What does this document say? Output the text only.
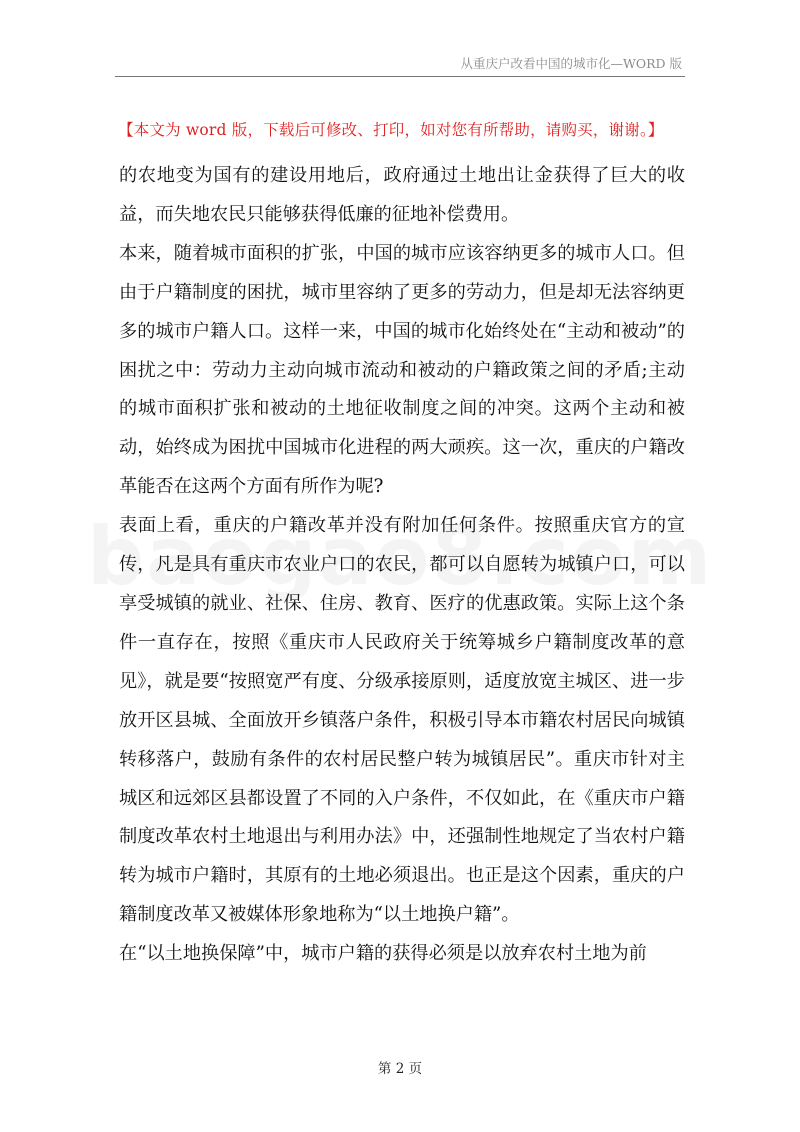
从重庆户改看中国的城市化—WORD 版
【本文为 word 版，下载后可修改、打印，如对您有所帮助，请购买，谢谢。】

的农地变为国有的建设用地后，政府通过土地出让金获得了巨大的收益，而失地农民只能够获得低廉的征地补偿费用。

本来，随着城市面积的扩张，中国的城市应该容纳更多的城市人口。但由于户籍制度的困扰，城市里容纳了更多的劳动力，但是却无法容纳更多的城市户籍人口。这样一来，中国的城市化始终处在“主动和被动”的困扰之中：劳动力主动向城市流动和被动的户籍政策之间的矛盾;主动的城市面积扩张和被动的土地征收制度之间的冲突。这两个主动和被动，始终成为困扰中国城市化进程的两大顽疾。这一次，重庆的户籍改革能否在这两个方面有所作为呢?

表面上看，重庆的户籍改革并没有附加任何条件。按照重庆官方的宣传，凡是具有重庆市农业户口的农民，都可以自愿转为城镇户口，可以享受城镇的就业、社保、住房、教育、医疗的优惠政策。实际上这个条件一直存在，按照《重庆市人民政府关于统筹城乡户籍制度改革的意见》，就是要“按照宽严有度、分级承接原则，适度放宽主城区、进一步放开区县城、全面放开乡镇落户条件，积极引导本市籍农村居民向城镇转移落户，鼓励有条件的农村居民整户转为城镇居民”。重庆市针对主城区和远郊区县都设置了不同的入户条件，不仅如此，在《重庆市户籍制度改革农村土地退出与利用办法》中，还强制性地规定了当农村户籍转为城市户籍时，其原有的土地必须退出。也正是这个因素，重庆的户籍制度改革又被媒体形象地称为“以土地换户籍”。

在“以土地换保障”中，城市户籍的获得必须是以放弃农村土地为前

第 2 页
